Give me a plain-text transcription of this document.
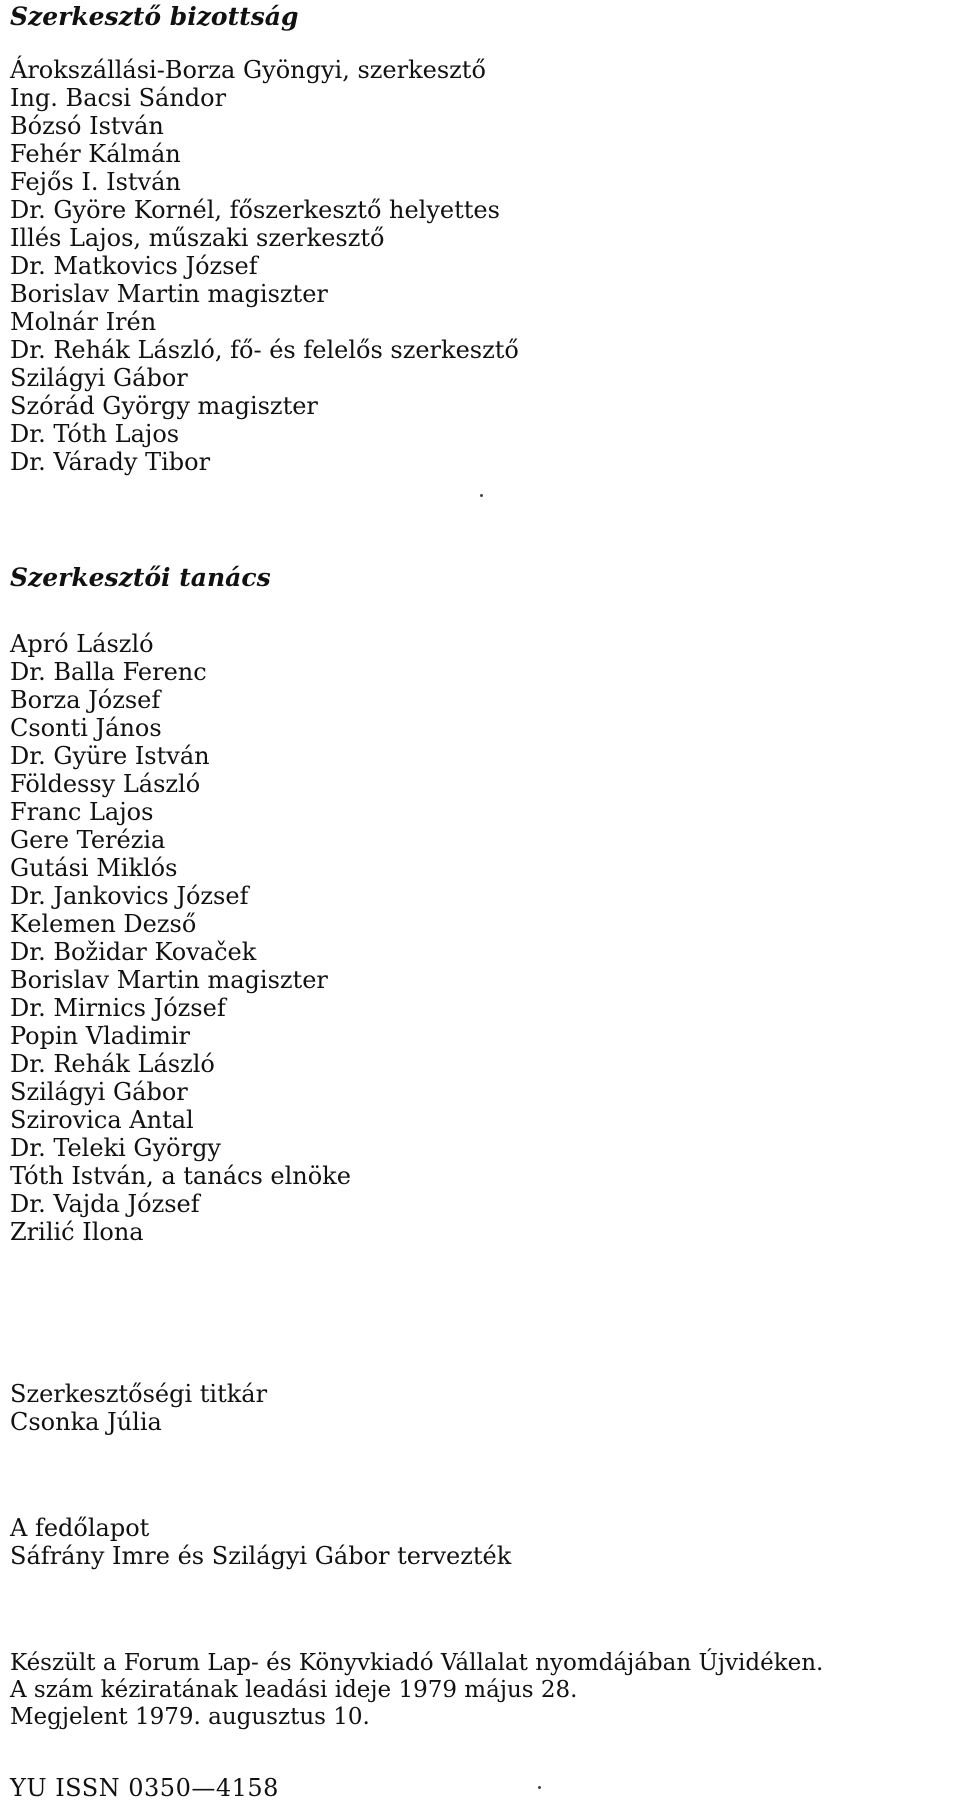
Szerkesztő bizottság
Árokszállási-Borza Gyöngyi, szerkesztő
Ing. Bacsi Sándor
Bózsó István
Fehér Kálmán
Fejős I. István
Dr. Györe Kornél, főszerkesztő helyettes
Illés Lajos, műszaki szerkesztő
Dr. Matkovics József
Borislav Martin magiszter
Molnár Irén
Dr. Rehák László, fő- és felelős szerkesztő
Szilágyi Gábor
Szórád György magiszter
Dr. Tóth Lajos
Dr. Várady Tibor
Szerkesztői tanács
Apró László
Dr. Balla Ferenc
Borza József
Csonti János
Dr. Gyüre István
Földessy László
Franc Lajos
Gere Terézia
Gutási Miklós
Dr. Jankovics József
Kelemen Dezső
Dr. Božidar Kovaček
Borislav Martin magiszter
Dr. Mirnics József
Popin Vladimir
Dr. Rehák László
Szilágyi Gábor
Szirovica Antal
Dr. Teleki György
Tóth István, a tanács elnöke
Dr. Vajda József
Zrilić Ilona

Szerkesztőségi titkár

Csonka Júlia

A fedőlapot

Sáfrány Imre és Szilágyi Gábor tervezték

Készült a Forum Lap- és Könyvkiadó Vállalat nyomdájában Újvidéken.

A szám kéziratának leadási ideje 1979 május 28.

Megjelent 1979. augusztus 10.

YU ISSN 0350—4158
